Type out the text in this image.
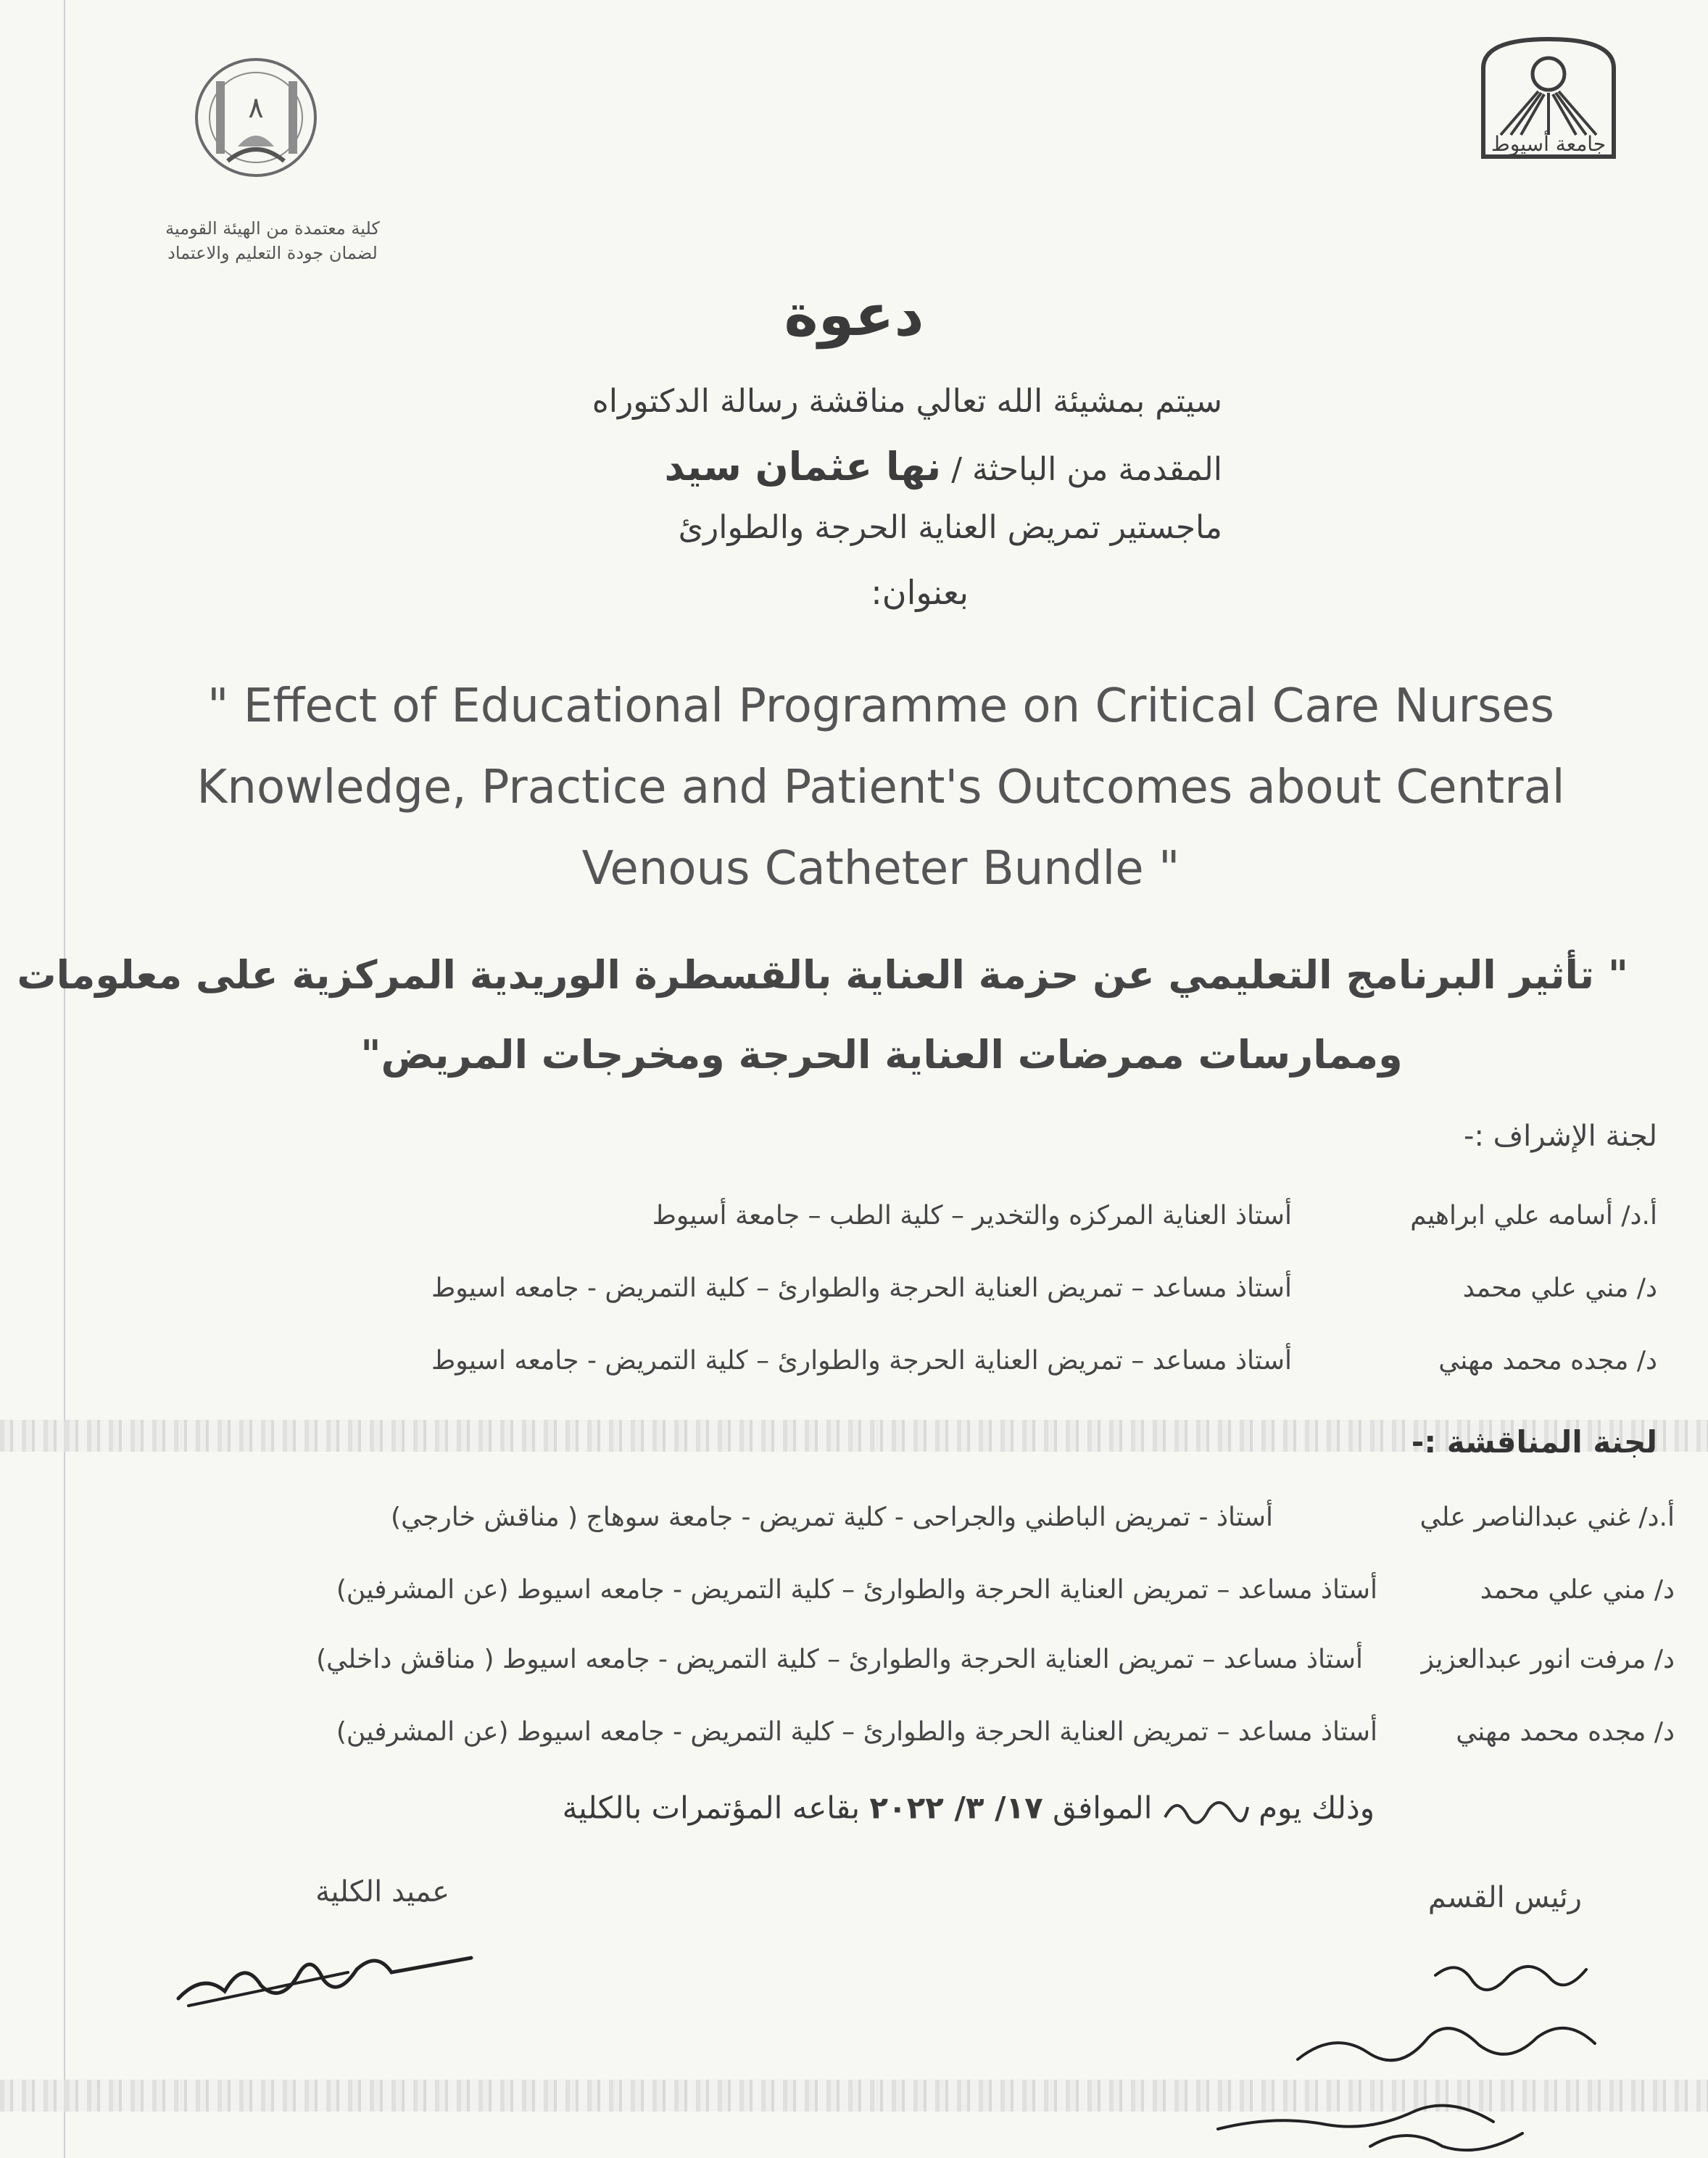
٨
كلية معتمدة من الهيئة القومية
لضمان جودة التعليم والاعتماد
جامعة أسيوط
دعوة
سيتم بمشيئة الله تعالي مناقشة رسالة الدكتوراه
المقدمة من الباحثة / نها عثمان سيد
ماجستير تمريض العناية الحرجة والطوارئ
بعنوان:
" Effect of Educational Programme on Critical Care Nurses
Knowledge, Practice and Patient's Outcomes about Central
Venous Catheter Bundle "
" تأثير البرنامج التعليمي عن حزمة العناية بالقسطرة الوريدية المركزية على معلومات
وممارسات ممرضات العناية الحرجة ومخرجات المريض"
لجنة الإشراف :-
أ.د/ أسامه علي ابراهيم
أستاذ العناية المركزه والتخدير – كلية الطب – جامعة أسيوط
د/ مني علي محمد
أستاذ مساعد – تمريض العناية الحرجة والطوارئ – كلية التمريض - جامعه اسيوط
د/ مجده محمد مهني
أستاذ مساعد – تمريض العناية الحرجة والطوارئ – كلية التمريض - جامعه اسيوط
لجنة المناقشة :-
أ.د/ غني عبدالناصر علي
أستاذ - تمريض الباطني والجراحى - كلية تمريض - جامعة سوهاج ( مناقش خارجي)
د/ مني علي محمد
أستاذ مساعد – تمريض العناية الحرجة والطوارئ – كلية التمريض - جامعه اسيوط (عن المشرفين)
د/ مرفت انور عبدالعزيز
أستاذ مساعد – تمريض العناية الحرجة والطوارئ – كلية التمريض - جامعه اسيوط ( مناقش داخلي)
د/ مجده محمد مهني
أستاذ مساعد – تمريض العناية الحرجة والطوارئ – كلية التمريض - جامعه اسيوط (عن المشرفين)
وذلك يوم  الموافق ١٧/ ٣/ ٢٠٢٢ بقاعه المؤتمرات بالكلية
عميد الكلية	رئيس القسم
